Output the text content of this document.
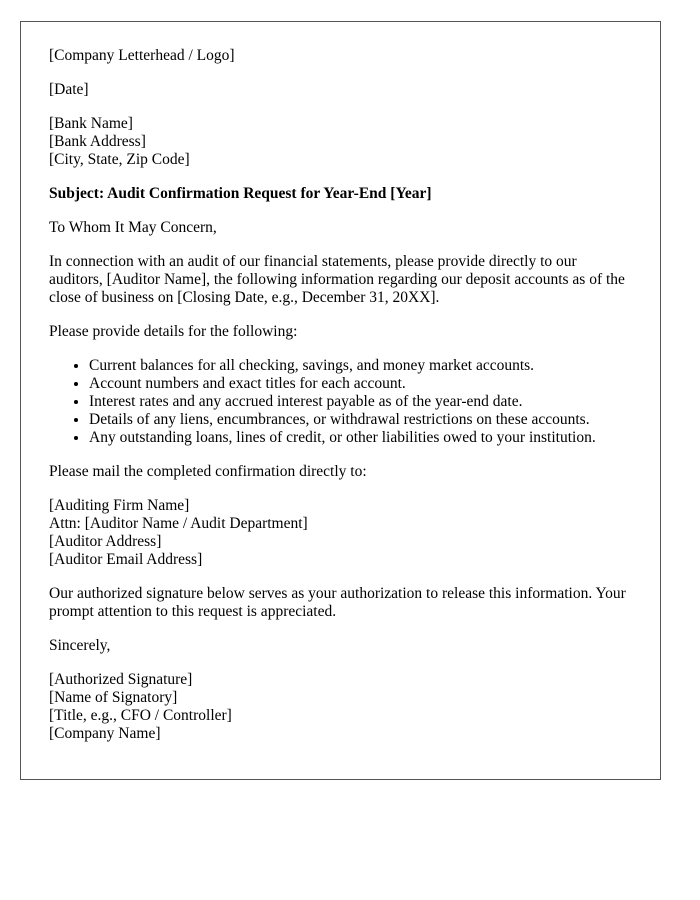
[Company Letterhead / Logo]
[Date]
[Bank Name]
[Bank Address]
[City, State, Zip Code]
Subject: Audit Confirmation Request for Year-End [Year]
To Whom It May Concern,
In connection with an audit of our financial statements, please provide directly to our auditors, [Auditor Name], the following information regarding our deposit accounts as of the close of business on [Closing Date, e.g., December 31, 20XX].
Please provide details for the following:
• Current balances for all checking, savings, and money market accounts.
• Account numbers and exact titles for each account.
• Interest rates and any accrued interest payable as of the year-end date.
• Details of any liens, encumbrances, or withdrawal restrictions on these accounts.
• Any outstanding loans, lines of credit, or other liabilities owed to your institution.
Please mail the completed confirmation directly to:
[Auditing Firm Name]
Attn: [Auditor Name / Audit Department]
[Auditor Address]
[Auditor Email Address]
Our authorized signature below serves as your authorization to release this information. Your prompt attention to this request is appreciated.
Sincerely,
[Authorized Signature]
[Name of Signatory]
[Title, e.g., CFO / Controller]
[Company Name]
